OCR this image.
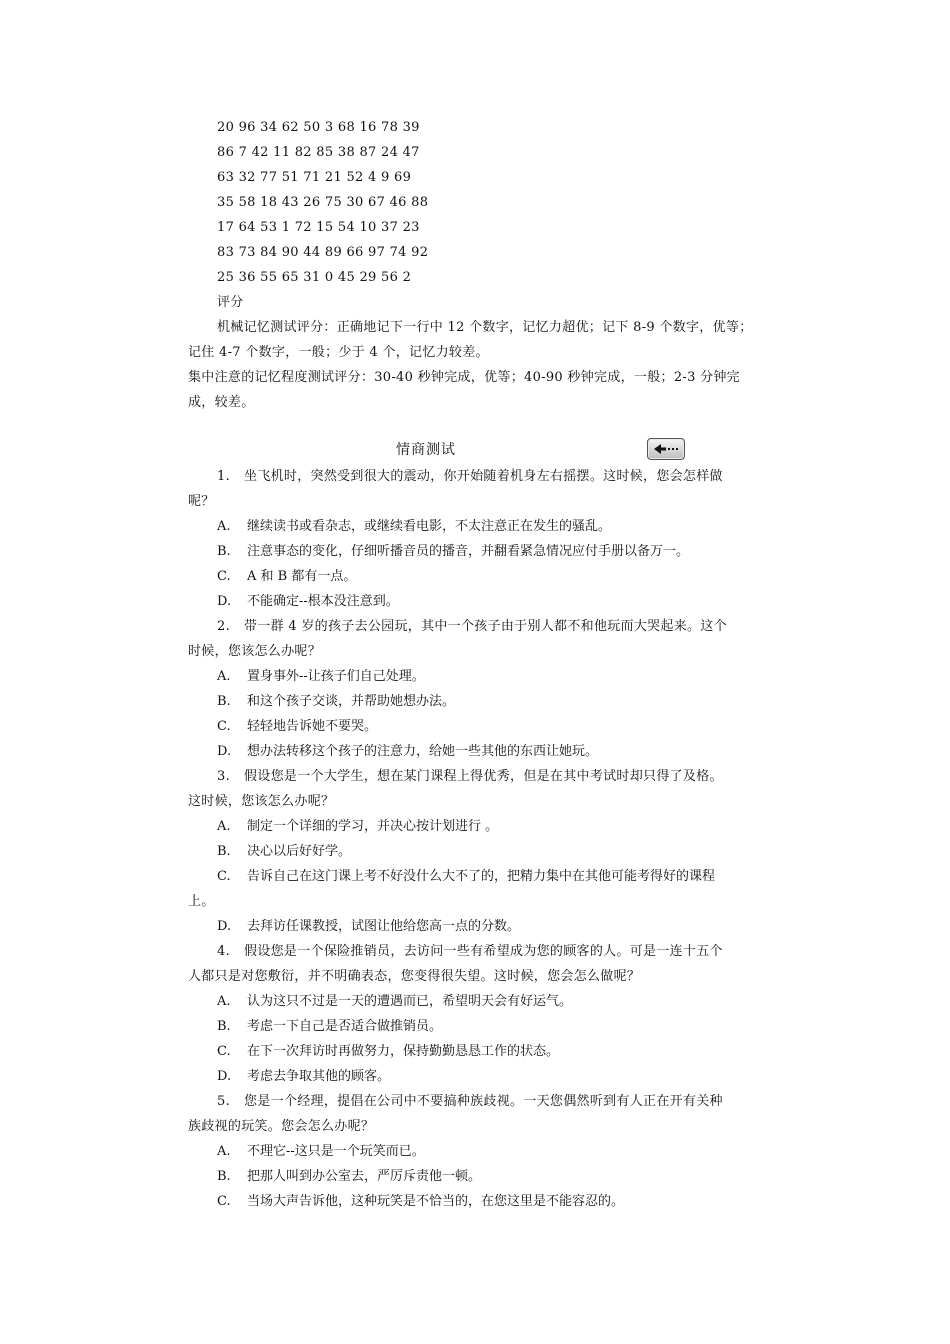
20 96 34 62 50 3 68 16 78 39
86 7 42 11 82 85 38 87 24 47
63 32 77 51 71 21 52 4 9 69
35 58 18 43 26 75 30 67 46 88
17 64 53 1 72 15 54 10 37 23
83 73 84 90 44 89 66 97 74 92
25 36 55 65 31 0 45 29 56 2
评分
机械记忆测试评分：正确地记下一行中 12 个数字，记忆力超优；记下 8-9 个数字，优等；
记住 4-7 个数字，一般；少于 4 个，记忆力较差。
集中注意的记忆程度测试评分：30-40 秒钟完成，优等；40-90 秒钟完成，一般；2-3 分钟完
成，较差。
情商测试
1. 坐飞机时，突然受到很大的震动，你开始随着机身左右摇摆。这时候，您会怎样做
呢？
A. 继续读书或看杂志，或继续看电影，不太注意正在发生的骚乱。
B. 注意事态的变化，仔细听播音员的播音，并翻看紧急情况应付手册以备万一。
C. A 和 B 都有一点。
D. 不能确定--根本没注意到。
2. 带一群 4 岁的孩子去公园玩，其中一个孩子由于别人都不和他玩而大哭起来。这个
时候，您该怎么办呢？
A. 置身事外--让孩子们自己处理。
B. 和这个孩子交谈，并帮助她想办法。
C. 轻轻地告诉她不要哭。
D. 想办法转移这个孩子的注意力，给她一些其他的东西让她玩。
3. 假设您是一个大学生，想在某门课程上得优秀，但是在其中考试时却只得了及格。
这时候，您该怎么办呢？
A. 制定一个详细的学习，并决心按计划进行 。
B. 决心以后好好学。
C. 告诉自己在这门课上考不好没什么大不了的，把精力集中在其他可能考得好的课程
上。
D. 去拜访任课教授，试图让他给您高一点的分数。
4. 假设您是一个保险推销员，去访问一些有希望成为您的顾客的人。可是一连十五个
人都只是对您敷衍，并不明确表态，您变得很失望。这时候，您会怎么做呢？
A. 认为这只不过是一天的遭遇而已，希望明天会有好运气。
B. 考虑一下自己是否适合做推销员。
C. 在下一次拜访时再做努力，保持勤勤恳恳工作的状态。
D. 考虑去争取其他的顾客。
5. 您是一个经理，提倡在公司中不要搞种族歧视。一天您偶然听到有人正在开有关种
族歧视的玩笑。您会怎么办呢？
A. 不理它--这只是一个玩笑而已。
B. 把那人叫到办公室去，严厉斥责他一顿。
C. 当场大声告诉他，这种玩笑是不恰当的，在您这里是不能容忍的。
